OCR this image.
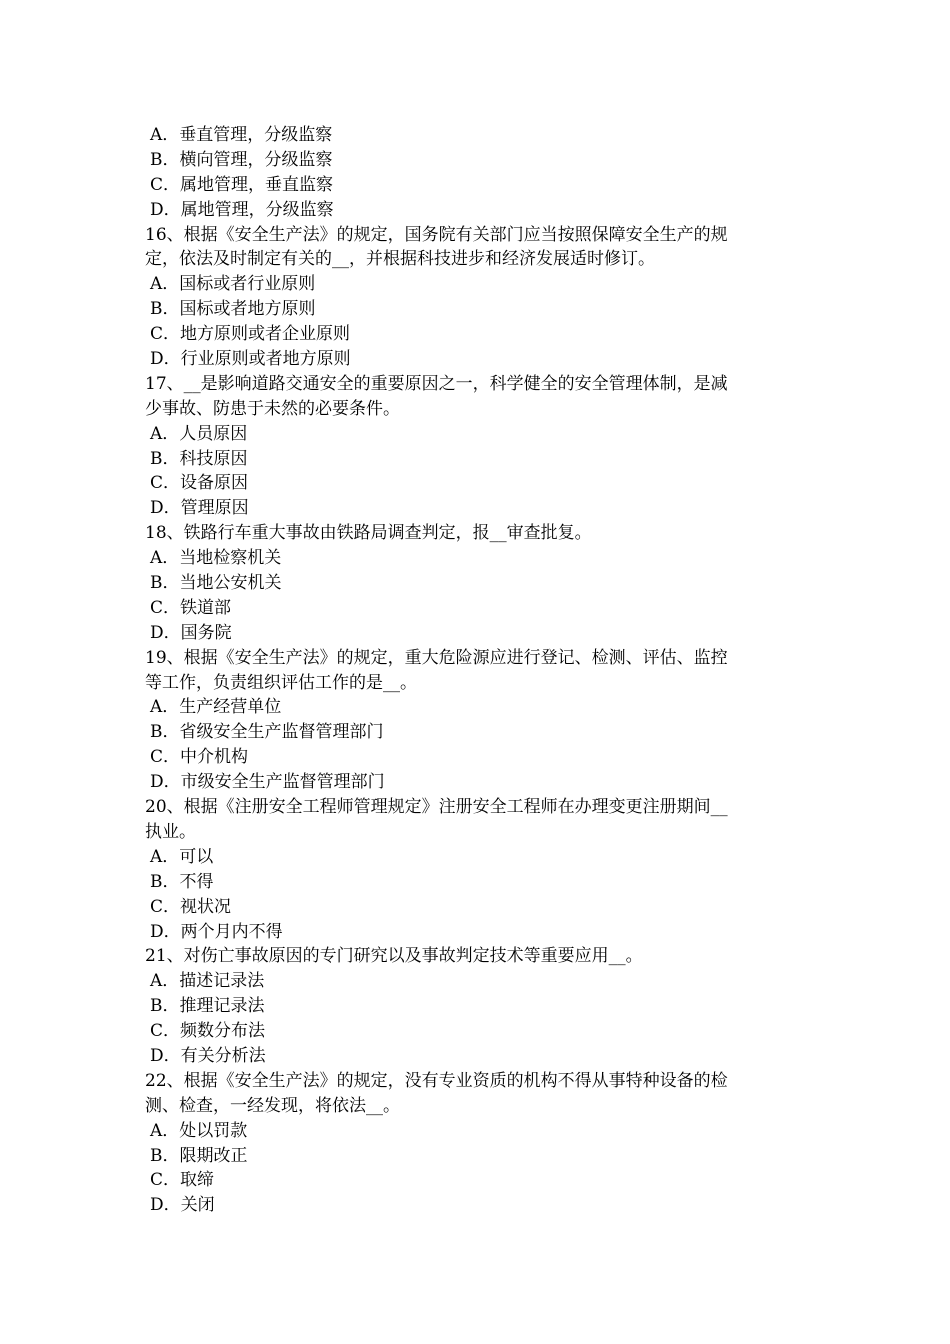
A．垂直管理，分级监察
B．横向管理，分级监察
C．属地管理，垂直监察
D．属地管理，分级监察
16、根据《安全生产法》的规定，国务院有关部门应当按照保障安全生产的规
定，依法及时制定有关的__，并根据科技进步和经济发展适时修订。
A．国标或者行业原则
B．国标或者地方原则
C．地方原则或者企业原则
D．行业原则或者地方原则
17、__是影响道路交通安全的重要原因之一，科学健全的安全管理体制，是减
少事故、防患于未然的必要条件。
A．人员原因
B．科技原因
C．设备原因
D．管理原因
18、铁路行车重大事故由铁路局调查判定，报__审查批复。
A．当地检察机关
B．当地公安机关
C．铁道部
D．国务院
19、根据《安全生产法》的规定，重大危险源应进行登记、检测、评估、监控
等工作，负责组织评估工作的是__。
A．生产经营单位
B．省级安全生产监督管理部门
C．中介机构
D．市级安全生产监督管理部门
20、根据《注册安全工程师管理规定》注册安全工程师在办理变更注册期间__
执业。
A．可以
B．不得
C．视状况
D．两个月内不得
21、对伤亡事故原因的专门研究以及事故判定技术等重要应用__。
A．描述记录法
B．推理记录法
C．频数分布法
D．有关分析法
22、根据《安全生产法》的规定，没有专业资质的机构不得从事特种设备的检
测、检查，一经发现，将依法__。
A．处以罚款
B．限期改正
C．取缔
D．关闭
